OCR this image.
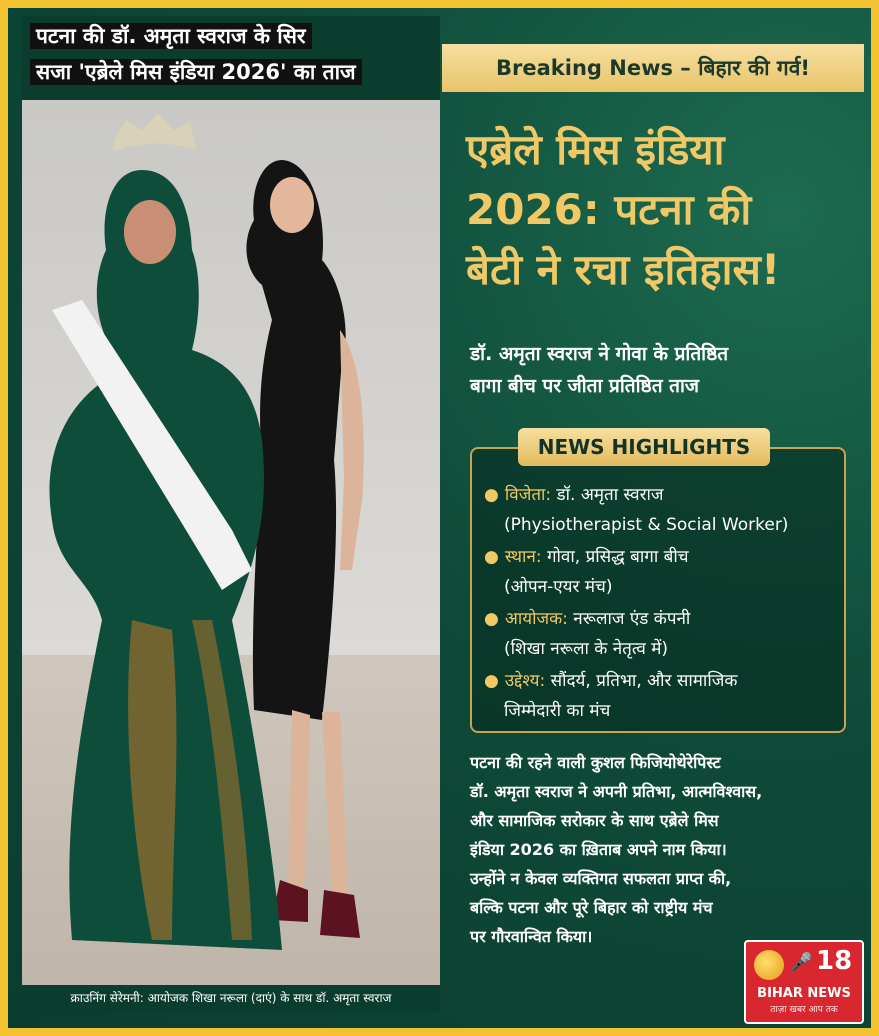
पटना की डॉ. अमृता स्वराज के सिर
सजा 'एब्रेले मिस इंडिया 2026' का ताज
क्राउनिंग सेरेमनी: आयोजक शिखा नरूला (दाएं) के साथ डॉ. अमृता स्वराज
Breaking News – बिहार की गर्व!
एब्रेले मिस इंडिया
2026: पटना की
बेटी ने रचा इतिहास!
डॉ. अमृता स्वराज ने गोवा के प्रतिष्ठित
बागा बीच पर जीता प्रतिष्ठित ताज
NEWS HIGHLIGHTS
● विजेता: डॉ. अमृता स्वराज
(Physiotherapist & Social Worker)
● स्थान: गोवा, प्रसिद्ध बागा बीच
(ओपन-एयर मंच)
● आयोजक: नरूलाज एंड कंपनी
(शिखा नरूला के नेतृत्व में)
● उद्देश्य: सौंदर्य, प्रतिभा, और सामाजिक
जिम्मेदारी का मंच
पटना की रहने वाली कुशल फिजियोथेरेपिस्ट
डॉ. अमृता स्वराज ने अपनी प्रतिभा, आत्मविश्वास,
और सामाजिक सरोकार के साथ एब्रेले मिस
इंडिया 2026 का ख़िताब अपने नाम किया।
उन्होंने न केवल व्यक्तिगत सफलता प्राप्त की,
बल्कि पटना और पूरे बिहार को राष्ट्रीय मंच
पर गौरवान्वित किया।
🎤 18
BIHAR NEWS
ताज़ा खबर आप तक
